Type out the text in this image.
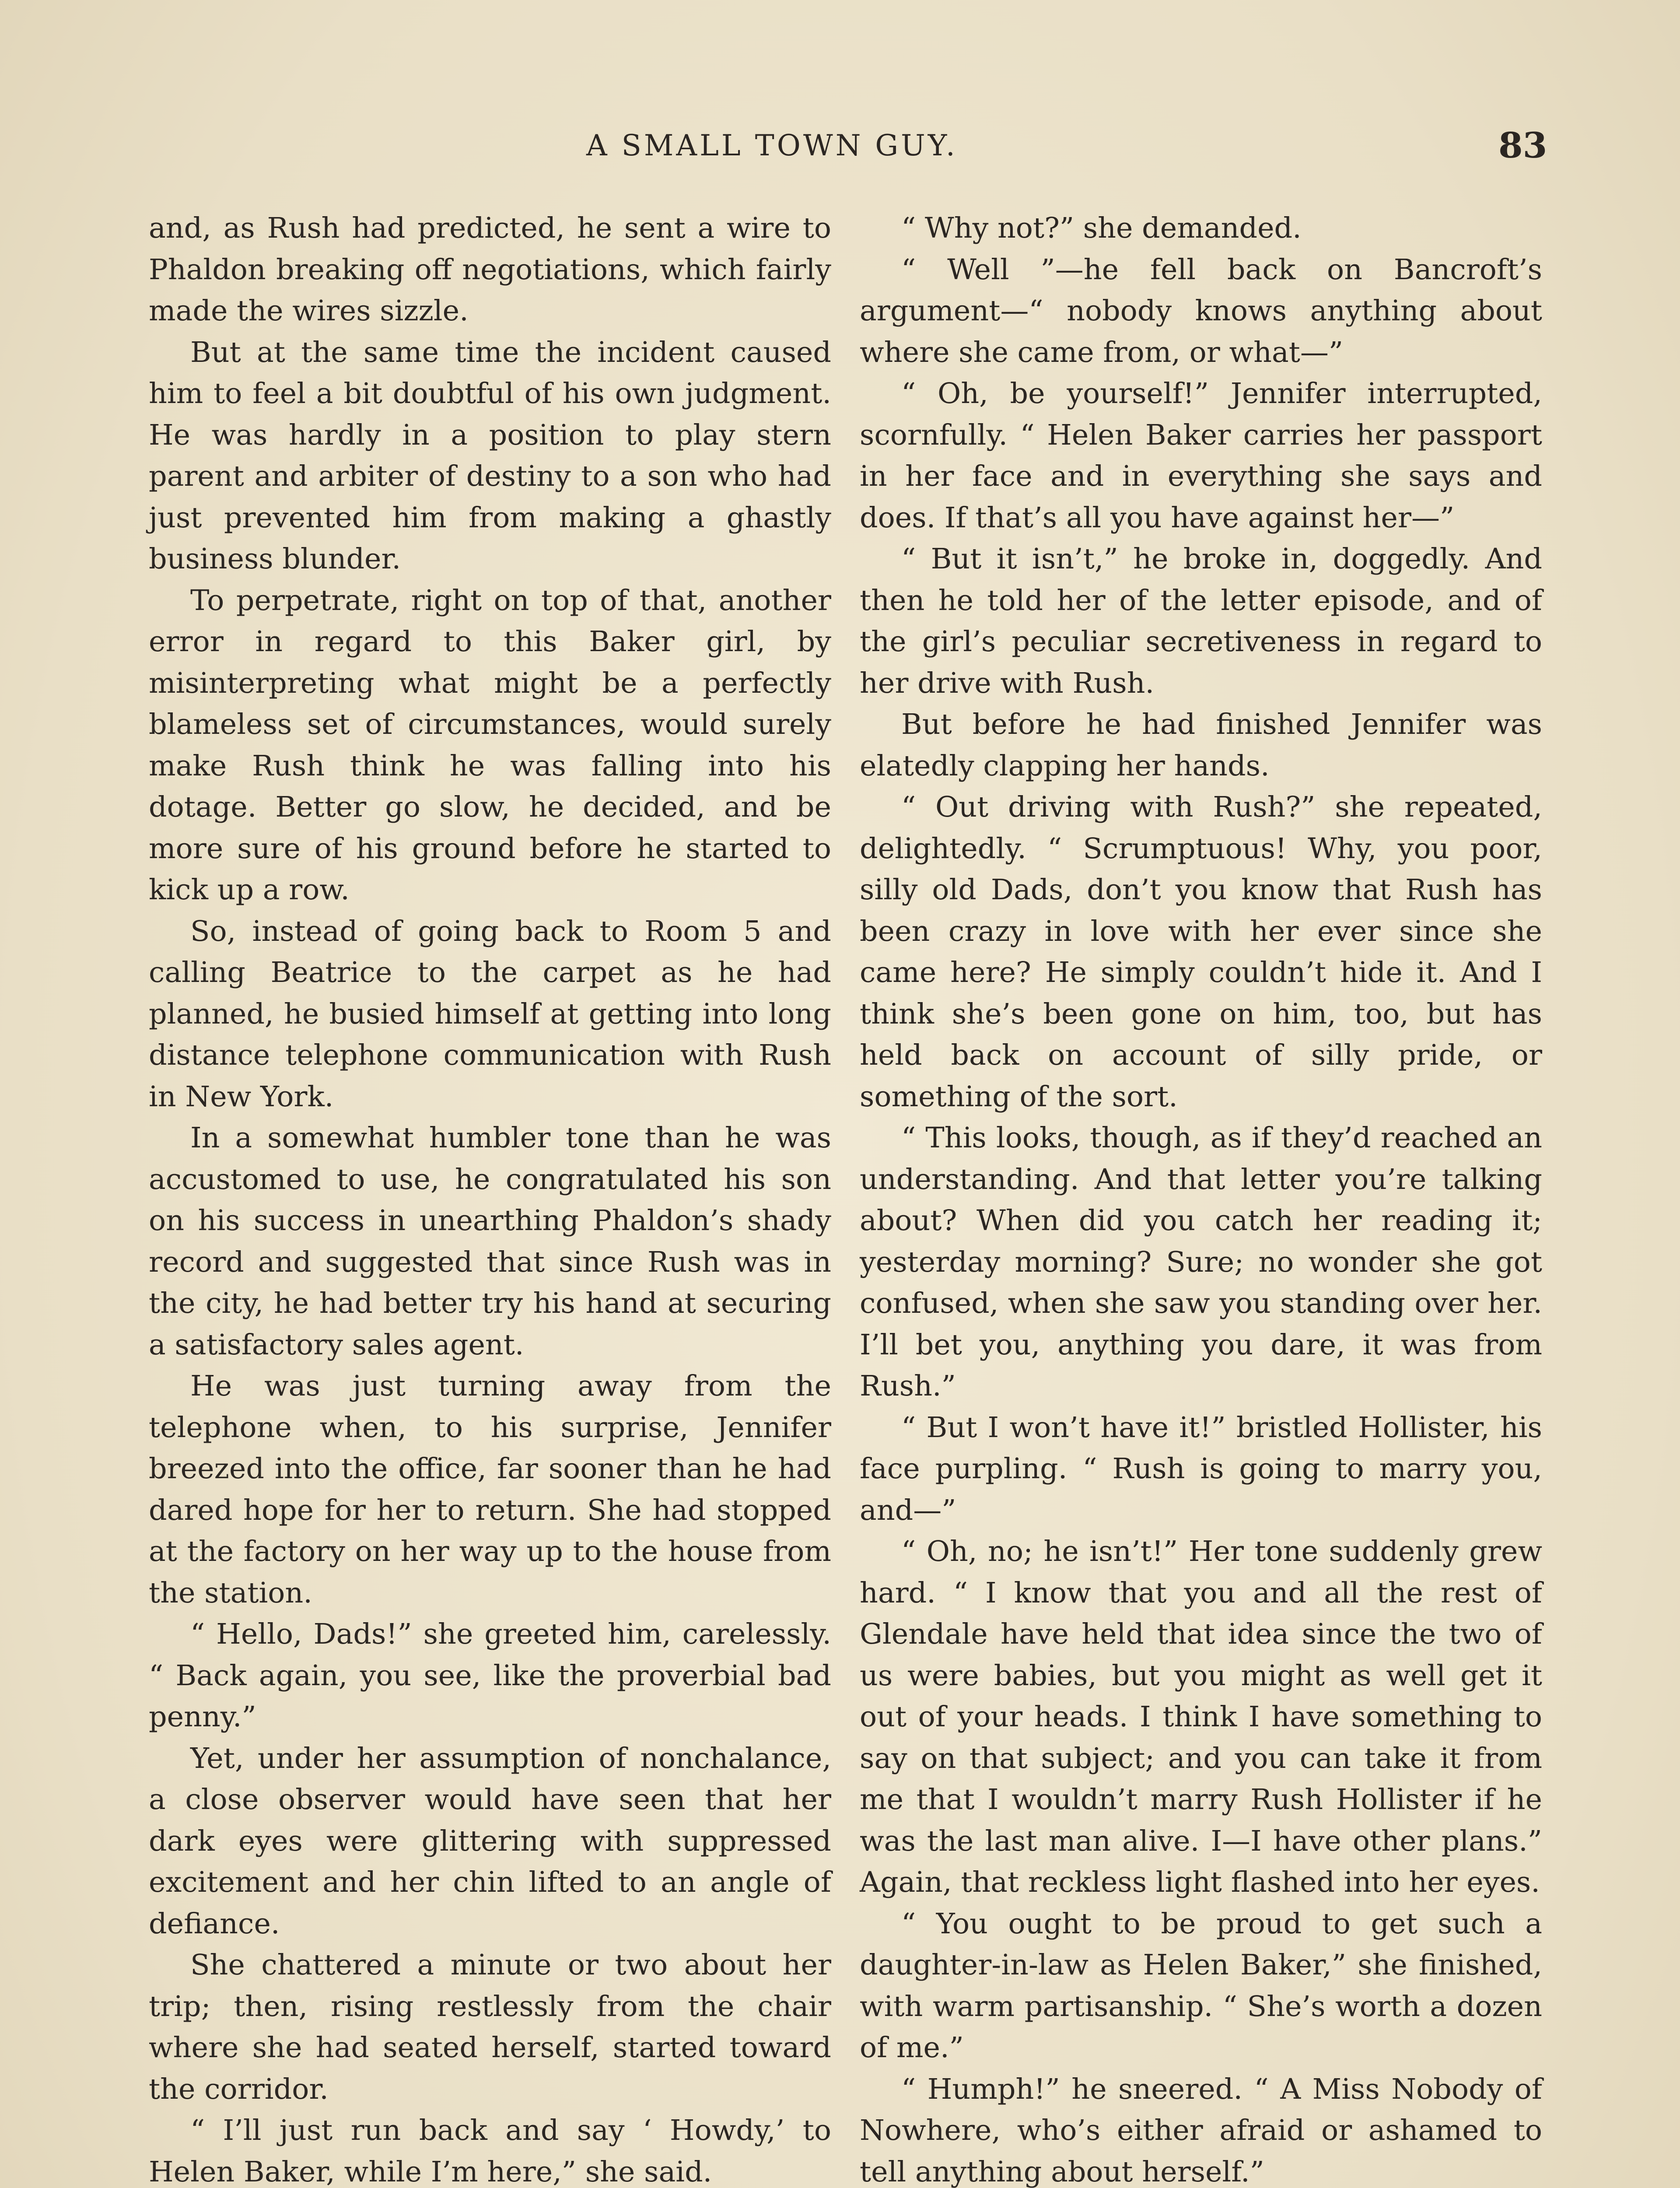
A SMALL TOWN GUY.	83

and, as Rush had predicted, he sent a wire to Phaldon breaking off negotiations, which fairly made the wires sizzle.

But at the same time the incident caused him to feel a bit doubtful of his own judgment. He was hardly in a position to play stern parent and arbiter of destiny to a son who had just prevented him from making a ghastly business blunder.

To perpetrate, right on top of that, another error in regard to this Baker girl, by misinterpreting what might be a perfectly blameless set of circumstances, would surely make Rush think he was falling into his dotage. Better go slow, he decided, and be more sure of his ground before he started to kick up a row.

So, instead of going back to Room 5 and calling Beatrice to the carpet as he had planned, he busied himself at getting into long distance telephone communication with Rush in New York.

In a somewhat humbler tone than he was accustomed to use, he congratulated his son on his success in unearthing Phaldon’s shady record and suggested that since Rush was in the city, he had better try his hand at securing a satisfactory sales agent.

He was just turning away from the telephone when, to his surprise, Jennifer breezed into the office, far sooner than he had dared hope for her to return. She had stopped at the factory on her way up to the house from the station.

“ Hello, Dads!” she greeted him, carelessly. “ Back again, you see, like the proverbial bad penny.”

Yet, under her assumption of nonchalance, a close observer would have seen that her dark eyes were glittering with suppressed excitement and her chin lifted to an angle of defiance.

She chattered a minute or two about her trip; then, rising restlessly from the chair where she had seated herself, started toward the corridor.

“ I’ll just run back and say ‘ Howdy,’ to Helen Baker, while I’m here,” she said.

“ Why not?” she demanded.

“ Well ”—he fell back on Bancroft’s argument—“ nobody knows anything about where she came from, or what—”

“ Oh, be yourself!” Jennifer interrupted, scornfully. “ Helen Baker carries her passport in her face and in everything she says and does. If that’s all you have against her—”

“ But it isn’t,” he broke in, doggedly. And then he told her of the letter episode, and of the girl’s peculiar secretiveness in regard to her drive with Rush.

But before he had finished Jennifer was elatedly clapping her hands.

“ Out driving with Rush?” she repeated, delightedly. “ Scrumptuous! Why, you poor, silly old Dads, don’t you know that Rush has been crazy in love with her ever since she came here? He simply couldn’t hide it. And I think she’s been gone on him, too, but has held back on account of silly pride, or something of the sort.

“ This looks, though, as if they’d reached an understanding. And that letter you’re talking about? When did you catch her reading it; yesterday morning? Sure; no wonder she got confused, when she saw you standing over her. I’ll bet you, anything you dare, it was from Rush.”

“ But I won’t have it!” bristled Hollister, his face purpling. “ Rush is going to marry you, and—”

“ Oh, no; he isn’t!” Her tone suddenly grew hard. “ I know that you and all the rest of Glendale have held that idea since the two of us were babies, but you might as well get it out of your heads. I think I have something to say on that subject; and you can take it from me that I wouldn’t marry Rush Hollister if he was the last man alive. I—I have other plans.” Again, that reckless light flashed into her eyes.

“ You ought to be proud to get such a daughter-in-law as Helen Baker,” she finished, with warm partisanship. “ She’s worth a dozen of me.”

“ Humph!” he sneered. “ A Miss Nobody of Nowhere, who’s either afraid or ashamed to tell anything about herself.”
